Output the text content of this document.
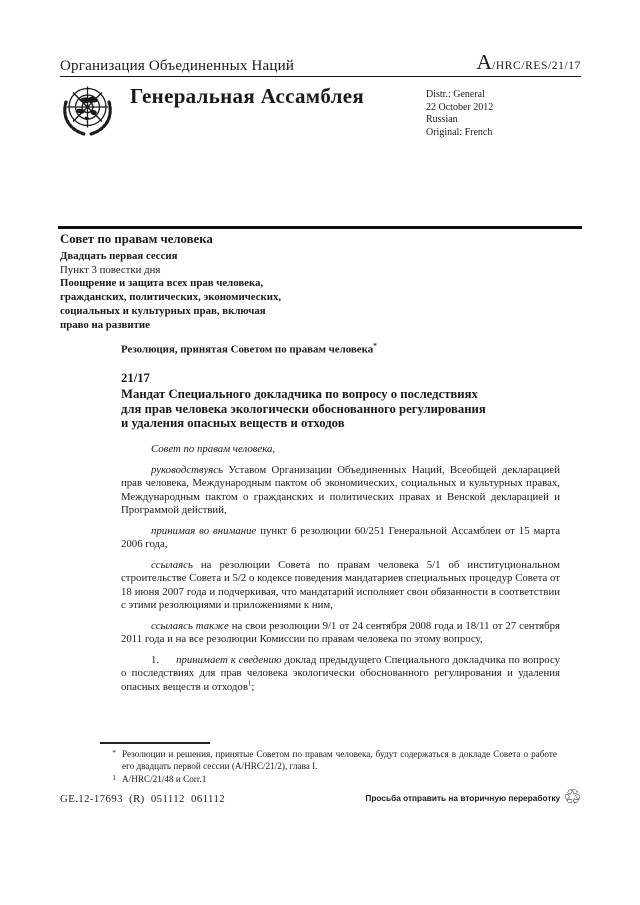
Организация Объединенных Наций	A/HRC/RES/21/17
Генеральная Ассамблея	Distr.: General
22 October 2012
Russian
Original: French
Совет по правам человека
Двадцать первая сессия
Пункт 3 повестки дня
Поощрение и защита всех прав человека,
гражданских, политических, экономических,
социальных и культурных прав, включая
право на развитие
Резолюция, принятая Советом по правам человека*
21/17
Мандат Специального докладчика по вопросу о последствиях
для прав человека экологически обоснованного регулирования
и удаления опасных веществ и отходов

Совет по правам человека,

руководствуясь Уставом Организации Объединенных Наций, Всеобщей декларацией прав человека, Международным пактом об экономических, социальных и культурных правах, Международным пактом о гражданских и политических правах и Венской декларацией и Программой действий,

принимая во внимание пункт 6 резолюции 60/251 Генеральной Ассамблеи от 15 марта 2006 года,

ссылаясь на резолюции Совета по правам человека 5/1 об институциональном строительстве Совета и 5/2 о кодексе поведения мандатариев специальных процедур Совета от 18 июня 2007 года и подчеркивая, что мандатарий исполняет свои обязанности в соответствии с этими резолюциями и приложениями к ним,

ссылаясь также на свои резолюции 9/1 от 24 сентября 2008 года и 18/11 от 27 сентября 2011 года и на все резолюции Комиссии по правам человека по этому вопросу,

1. принимает к сведению доклад предыдущего Специального докладчика по вопросу о последствиях для прав человека экологически обоснованного регулирования и удаления опасных веществ и отходов$^1$;

* Резолюции и решения, принятые Советом по правам человека, будут содержаться в докладе Совета о работе его двадцать первой сессии (A/HRC/21/2), глава I.
1 A/HRC/21/48 и Corr.1
GE.12-17693  (R)  051112  061112	Просьба отправить на вторичную переработку ♲
